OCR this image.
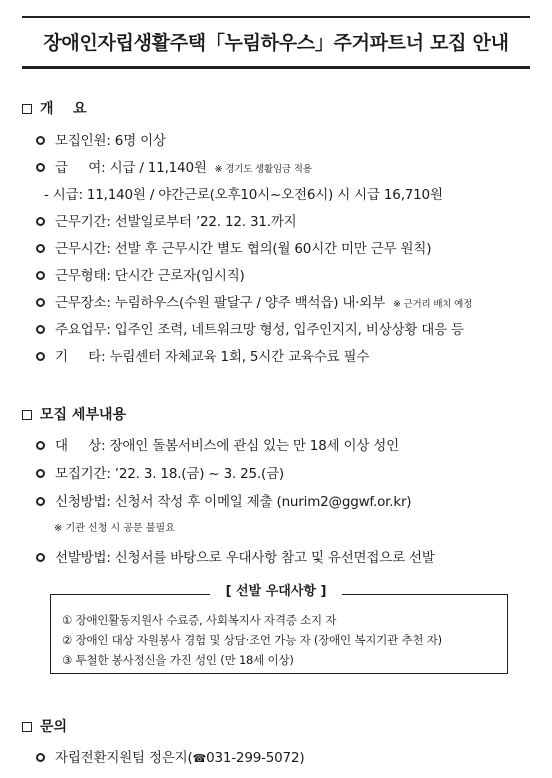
장애인자립생활주택「누림하우스」주거파트너 모집 안내
개    요
모집인원: 6명 이상
급     여: 시급 / 11,140원 ※ 경기도 생활임금 적용
- 시급: 11,140원 / 야간근로(오후10시~오전6시) 시 시급 16,710원
근무기간: 선발일로부터 ’22. 12. 31.까지
근무시간: 선발 후 근무시간 별도 협의(월 60시간 미만 근무 원칙)
근무형태: 단시간 근로자(임시직)
근무장소: 누림하우스(수원 팔달구 / 양주 백석읍) 내·외부 ※ 근거리 배치 예정
주요업무: 입주인 조력, 네트워크망 형성, 입주인지지, 비상상황 대응 등
기     타: 누림센터 자체교육 1회, 5시간 교육수료 필수
모집 세부내용
대     상: 장애인 돌봄서비스에 관심 있는 만 18세 이상 성인
모집기간: ’22. 3. 18.(금) ~ 3. 25.(금)
신청방법: 신청서 작성 후 이메일 제출 (nurim2@ggwf.or.kr)
※ 기관 신청 시 공문 불필요
선발방법: 신청서를 바탕으로 우대사항 참고 및 유선면접으로 선발
[ 선발 우대사항 ]
① 장애인활동지원사 수료증, 사회복지사 자격증 소지 자
② 장애인 대상 자원봉사 경험 및 상담·조언 가능 자 (장애인 복지기관 추천 자)
③ 투철한 봉사정신을 가진 성인 (만 18세 이상)
문의
자립전환지원팀 정은지(☎031-299-5072)
